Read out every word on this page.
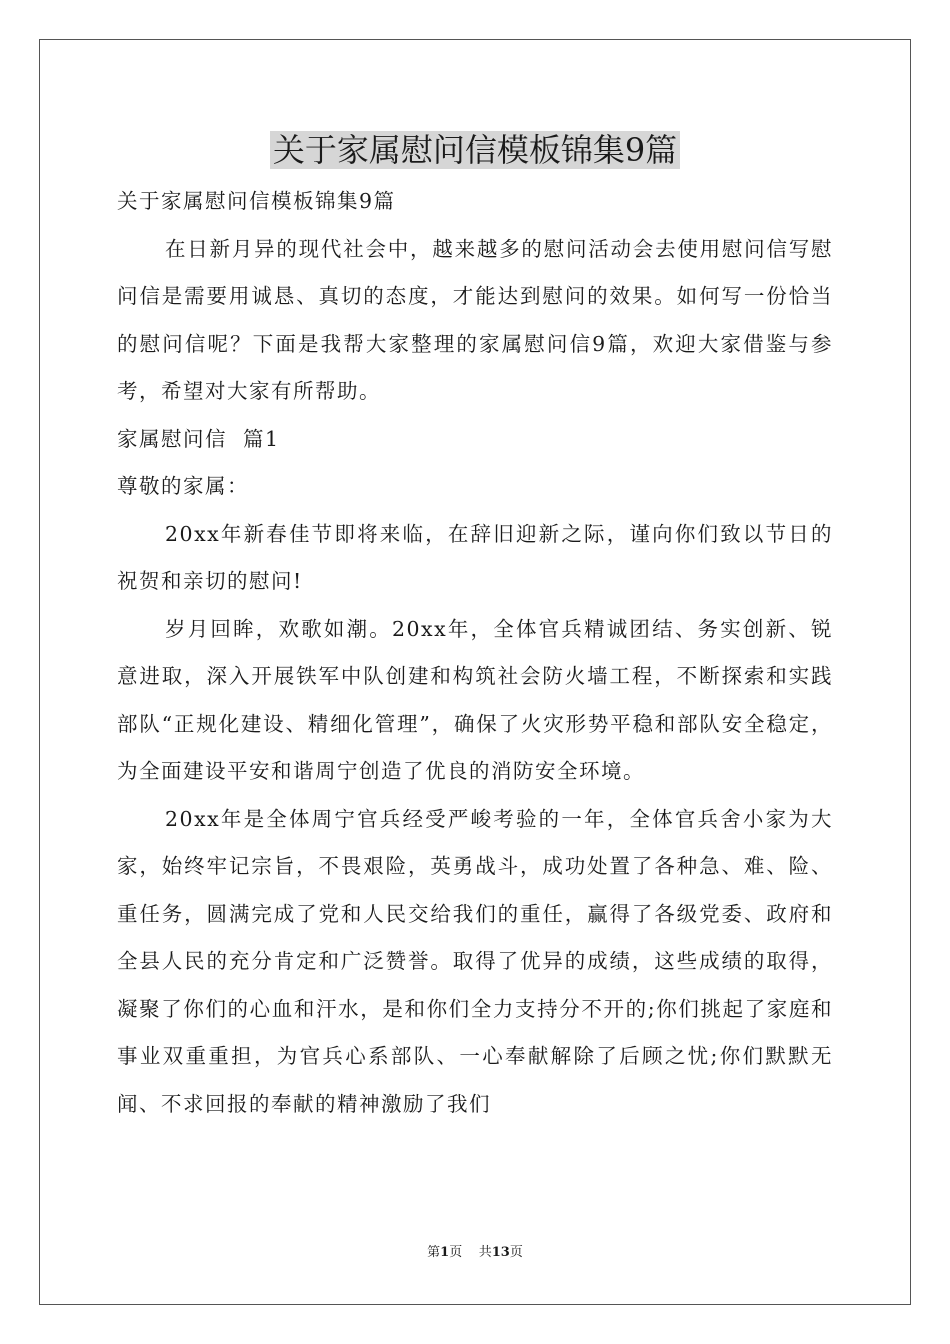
关于家属慰问信模板锦集9篇

关于家属慰问信模板锦集9篇

在日新月异的现代社会中，越来越多的慰问活动会去使用慰问信写慰问信是需要用诚恳、真切的态度，才能达到慰问的效果。如何写一份恰当的慰问信呢？下面是我帮大家整理的家属慰问信9篇，欢迎大家借鉴与参考，希望对大家有所帮助。

家属慰问信  篇1

尊敬的家属：

20xx年新春佳节即将来临，在辞旧迎新之际，谨向你们致以节日的祝贺和亲切的慰问!

岁月回眸，欢歌如潮。20xx年，全体官兵精诚团结、务实创新、锐意进取，深入开展铁军中队创建和构筑社会防火墙工程，不断探索和实践部队“正规化建设、精细化管理”，确保了火灾形势平稳和部队安全稳定，为全面建设平安和谐周宁创造了优良的消防安全环境。

20xx年是全体周宁官兵经受严峻考验的一年，全体官兵舍小家为大家，始终牢记宗旨，不畏艰险，英勇战斗，成功处置了各种急、难、险、重任务，圆满完成了党和人民交给我们的重任，赢得了各级党委、政府和全县人民的充分肯定和广泛赞誉。取得了优异的成绩，这些成绩的取得，凝聚了你们的心血和汗水，是和你们全力支持分不开的;你们挑起了家庭和事业双重重担，为官兵心系部队、一心奉献解除了后顾之忧;你们默默无闻、不求回报的奉献的精神激励了我们

第1页 共13页
